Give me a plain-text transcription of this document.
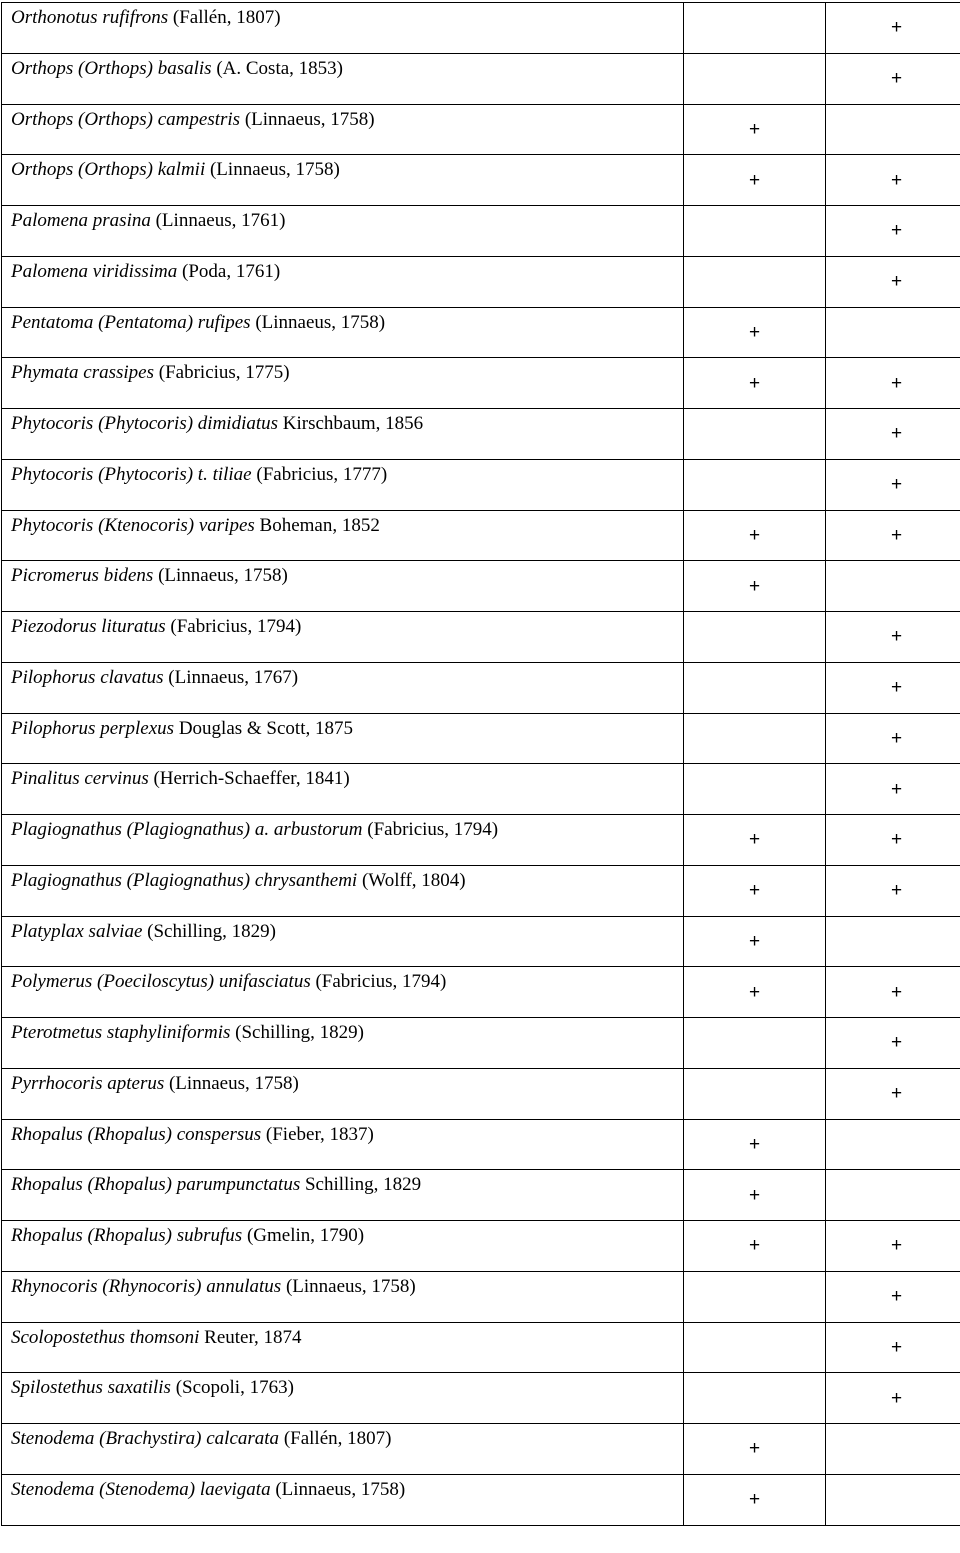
Orthonotus rufifrons (Fallén, 1807)		+

Orthops (Orthops) basalis (A. Costa, 1853)		+

Orthops (Orthops) campestris (Linnaeus, 1758)	+	

Orthops (Orthops) kalmii (Linnaeus, 1758)	+	+

Palomena prasina (Linnaeus, 1761)		+

Palomena viridissima (Poda, 1761)		+

Pentatoma (Pentatoma) rufipes (Linnaeus, 1758)	+	

Phymata crassipes (Fabricius, 1775)	+	+

Phytocoris (Phytocoris) dimidiatus Kirschbaum, 1856		+

Phytocoris (Phytocoris) t. tiliae (Fabricius, 1777)		+

Phytocoris (Ktenocoris) varipes Boheman, 1852	+	+

Picromerus bidens (Linnaeus, 1758)	+	

Piezodorus lituratus (Fabricius, 1794)		+

Pilophorus clavatus (Linnaeus, 1767)		+

Pilophorus perplexus Douglas & Scott, 1875		+

Pinalitus cervinus (Herrich-Schaeffer, 1841)		+

Plagiognathus (Plagiognathus) a. arbustorum (Fabricius, 1794)	+	+

Plagiognathus (Plagiognathus) chrysanthemi (Wolff, 1804)	+	+

Platyplax salviae (Schilling, 1829)	+	

Polymerus (Poeciloscytus) unifasciatus (Fabricius, 1794)	+	+

Pterotmetus staphyliniformis (Schilling, 1829)		+

Pyrrhocoris apterus (Linnaeus, 1758)		+

Rhopalus (Rhopalus) conspersus (Fieber, 1837)	+	

Rhopalus (Rhopalus) parumpunctatus Schilling, 1829	+	

Rhopalus (Rhopalus) subrufus (Gmelin, 1790)	+	+

Rhynocoris (Rhynocoris) annulatus (Linnaeus, 1758)		+

Scolopostethus thomsoni Reuter, 1874		+

Spilostethus saxatilis (Scopoli, 1763)		+

Stenodema (Brachystira) calcarata (Fallén, 1807)	+	

Stenodema (Stenodema) laevigata (Linnaeus, 1758)	+	
